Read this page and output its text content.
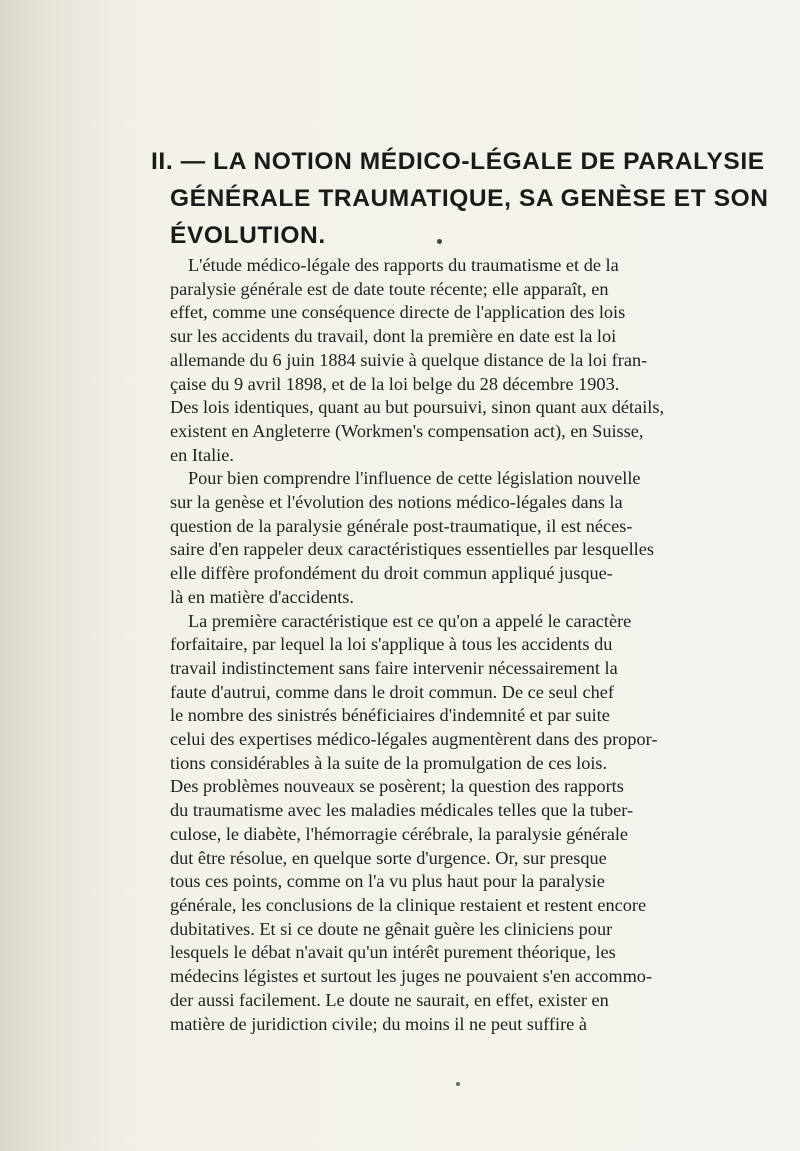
II. — LA NOTION MÉDICO-LÉGALE DE PARALYSIE
GÉNÉRALE TRAUMATIQUE, SA GENÈSE ET SON
ÉVOLUTION.
L'étude médico-légale des rapports du traumatisme et de la
paralysie générale est de date toute récente; elle apparaît, en
effet, comme une conséquence directe de l'application des lois
sur les accidents du travail, dont la première en date est la loi
allemande du 6 juin 1884 suivie à quelque distance de la loi fran-
çaise du 9 avril 1898, et de la loi belge du 28 décembre 1903.
Des lois identiques, quant au but poursuivi, sinon quant aux détails,
existent en Angleterre (Workmen's compensation act), en Suisse,
en Italie.
Pour bien comprendre l'influence de cette législation nouvelle
sur la genèse et l'évolution des notions médico-légales dans la
question de la paralysie générale post-traumatique, il est néces-
saire d'en rappeler deux caractéristiques essentielles par lesquelles
elle diffère profondément du droit commun appliqué jusque-
là en matière d'accidents.
La première caractéristique est ce qu'on a appelé le caractère
forfaitaire, par lequel la loi s'applique à tous les accidents du
travail indistinctement sans faire intervenir nécessairement la
faute d'autrui, comme dans le droit commun. De ce seul chef
le nombre des sinistrés bénéficiaires d'indemnité et par suite
celui des expertises médico-légales augmentèrent dans des propor-
tions considérables à la suite de la promulgation de ces lois.
Des problèmes nouveaux se posèrent; la question des rapports
du traumatisme avec les maladies médicales telles que la tuber-
culose, le diabète, l'hémorragie cérébrale, la paralysie générale
dut être résolue, en quelque sorte d'urgence. Or, sur presque
tous ces points, comme on l'a vu plus haut pour la paralysie
générale, les conclusions de la clinique restaient et restent encore
dubitatives. Et si ce doute ne gênait guère les cliniciens pour
lesquels le débat n'avait qu'un intérêt purement théorique, les
médecins légistes et surtout les juges ne pouvaient s'en accommo-
der aussi facilement. Le doute ne saurait, en effet, exister en
matière de juridiction civile; du moins il ne peut suffire à
